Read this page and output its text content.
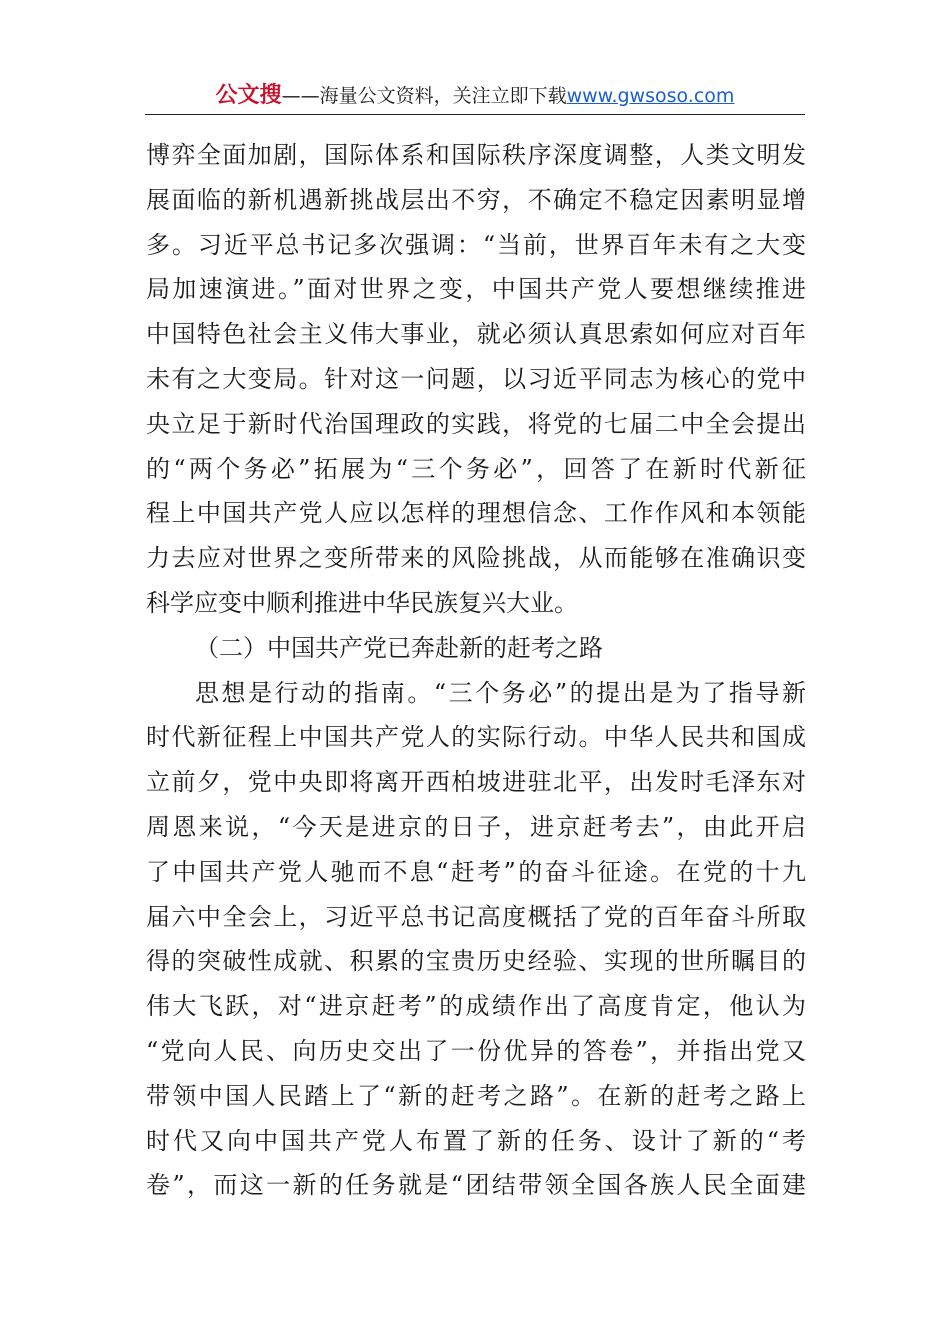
公文搜——海量公文资料，关注立即下载www.gwsoso.com
博弈全面加剧，国际体系和国际秩序深度调整，人类文明发
展面临的新机遇新挑战层出不穷，不确定不稳定因素明显增
多。习近平总书记多次强调：“当前，世界百年未有之大变
局加速演进。”面对世界之变，中国共产党人要想继续推进
中国特色社会主义伟大事业，就必须认真思索如何应对百年
未有之大变局。针对这一问题，以习近平同志为核心的党中
央立足于新时代治国理政的实践，将党的七届二中全会提出
的“两个务必”拓展为“三个务必”，回答了在新时代新征
程上中国共产党人应以怎样的理想信念、工作作风和本领能
力去应对世界之变所带来的风险挑战，从而能够在准确识变
科学应变中顺利推进中华民族复兴大业。
（二）中国共产党已奔赴新的赶考之路
思想是行动的指南。“三个务必”的提出是为了指导新
时代新征程上中国共产党人的实际行动。中华人民共和国成
立前夕，党中央即将离开西柏坡进驻北平，出发时毛泽东对
周恩来说，“今天是进京的日子，进京赶考去”，由此开启
了中国共产党人驰而不息“赶考”的奋斗征途。在党的十九
届六中全会上，习近平总书记高度概括了党的百年奋斗所取
得的突破性成就、积累的宝贵历史经验、实现的世所瞩目的
伟大飞跃，对“进京赶考”的成绩作出了高度肯定，他认为
“党向人民、向历史交出了一份优异的答卷”，并指出党又
带领中国人民踏上了“新的赶考之路”。在新的赶考之路上
时代又向中国共产党人布置了新的任务、设计了新的“考
卷”，而这一新的任务就是“团结带领全国各族人民全面建
